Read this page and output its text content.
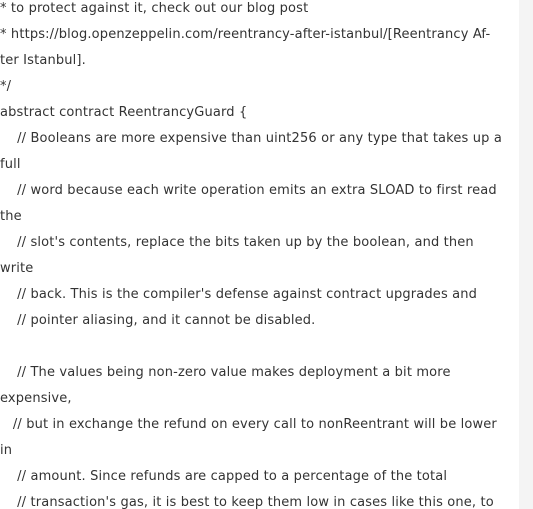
* to protect against it, check out our blog post
* https://blog.openzeppelin.com/reentrancy-after-istanbul/[Reentrancy Af-
ter Istanbul].
*/
abstract contract ReentrancyGuard {
// Booleans are more expensive than uint256 or any type that takes up a
full
// word because each write operation emits an extra SLOAD to first read
the
// slot's contents, replace the bits taken up by the boolean, and then
write
// back. This is the compiler's defense against contract upgrades and
// pointer aliasing, and it cannot be disabled.
// The values being non-zero value makes deployment a bit more
expensive,
// but in exchange the refund on every call to nonReentrant will be lower
in
// amount. Since refunds are capped to a percentage of the total
// transaction's gas, it is best to keep them low in cases like this one, to
